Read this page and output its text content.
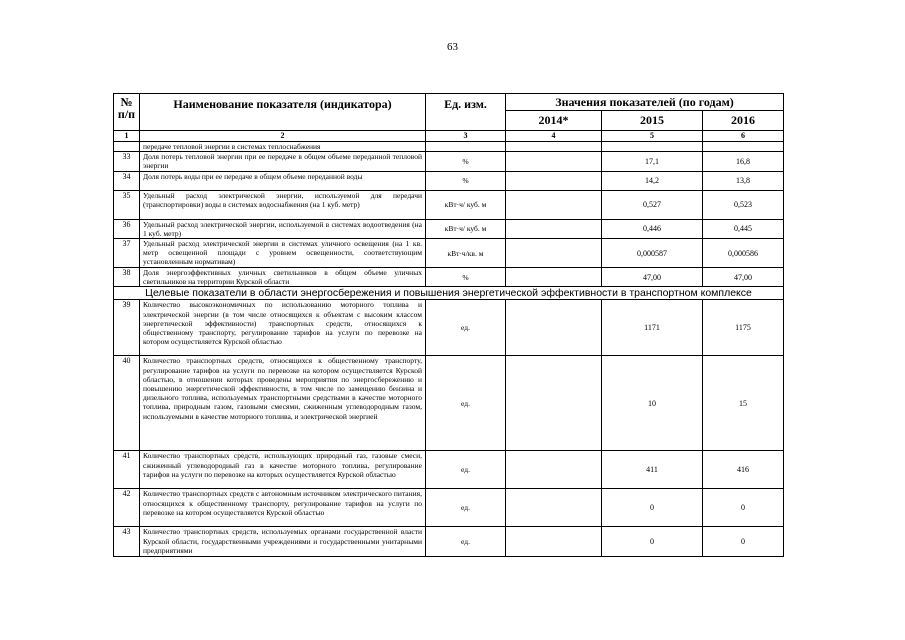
63
№
п/п	Наименование показателя (индикатора)	Ед. изм.	Значения показателей (по годам)		
			2014*	2015	2016
1	2	3	4	5	6
	передаче тепловой энергии в системах теплоснабжения				
33	Доля потерь тепловой энергии при ее передаче в общем объеме переданной тепловой энергии	%		17,1	16,8
34	Доля потерь воды при ее передаче в общем объеме переданной воды	%		14,2	13,8
35	Удельный расход электрической энергии, используемой для передачи (транспортировки) воды в системах водоснабжения (на 1 куб. метр)	кВт·ч/ куб. м		0,527	0,523
36	Удельный расход электрической энергии, используемой в системах водоотведения (на 1 куб. метр)	кВт·ч/ куб. м		0,446	0,445
37	Удельный расход электрической энергии в системах уличного освещения (на 1 кв. метр освещенной площади с уровнем освещенности, соответствующим установленным нормативам)	кВт·ч/кв. м		0,000587	0,000586
38	Доля энергоэффективных уличных светильников в общем объеме уличных светильников на территории Курской области	%		47,00	47,00
Целевые показатели в области энергосбережения и повышения энергетической эффективности в транспортном комплексе					
39	Количество высокоэкономичных по использованию моторного топлива и электрической энергии (в том числе относящихся к объектам с высоким классом энергетической эффективности) транспортных средств, относящихся к общественному транспорту, регулирование тарифов на услуги по перевозке на котором осуществляется Курской областью	ед.		1171	1175
40	Количество транспортных средств, относящихся к общественному транспорту, регулирование тарифов на услуги по перевозке на котором осуществляется Курской областью, в отношении которых проведены мероприятия по энергосбережению и повышению энергетической эффективности, в том числе по замещению бензина и дизельного топлива, используемых транспортными средствами в качестве моторного топлива, природным газом, газовыми смесями, сжиженным углеводородным газом, используемыми в качестве моторного топлива, и электрической энергией	ед.		10	15
41	Количество транспортных средств, использующих природный газ, газовые смеси, сжиженный углеводородный газ в качестве моторного топлива, регулирование тарифов на услуги по перевозке на которых осуществляется Курской областью	ед.		411	416
42	Количество транспортных средств с автономным источником электрического питания, относящихся к общественному транспорту, регулирование тарифов на услуги по перевозке на котором осуществляется Курской областью	ед.		0	0
43	Количество транспортных средств, используемых органами государственной власти Курской области, государственными учреждениями и государственными унитарными предприятиями	ед.		0	0
